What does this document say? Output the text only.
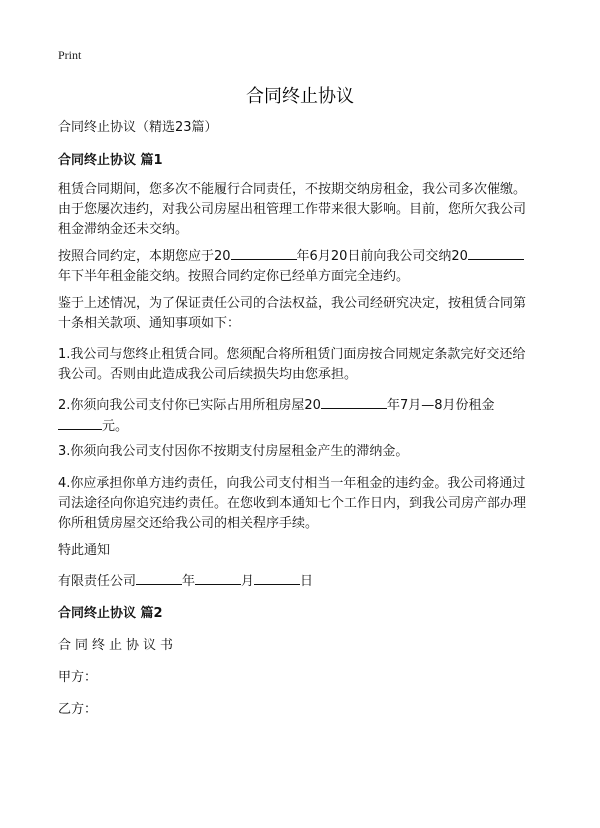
Print
合同终止协议

合同终止协议（精选23篇）

合同终止协议 篇1

租赁合同期间，您多次不能履行合同责任，不按期交纳房租金，我公司多次催缴。
由于您屡次违约，对我公司房屋出租管理工作带来很大影响。目前，您所欠我公司
租金滞纳金还未交纳。
按照合同约定，本期您应于20	年6月20日前向我公司交纳20
年下半年租金能交纳。按照合同约定你已经单方面完全违约。
鉴于上述情况，为了保证责任公司的合法权益，我公司经研究决定，按租赁合同第
十条相关款项、通知事项如下：
1.我公司与您终止租赁合同。您须配合将所租赁门面房按合同规定条款完好交还给
我公司。否则由此造成我公司后续损失均由您承担。
2.你须向我公司支付你已实际占用所租房屋20	年7月—8月份租金
元。

3.你须向我公司支付因你不按期支付房屋租金产生的滞纳金。

4.你应承担你单方违约责任，向我公司支付相当一年租金的违约金。我公司将通过
司法途径向你追究违约责任。在您收到本通知七个工作日内，到我公司房产部办理
你所租赁房屋交还给我公司的相关程序手续。

特此通知

有限责任公司	年	月	日

合同终止协议 篇2

合同终止协议书

甲方：

乙方：
